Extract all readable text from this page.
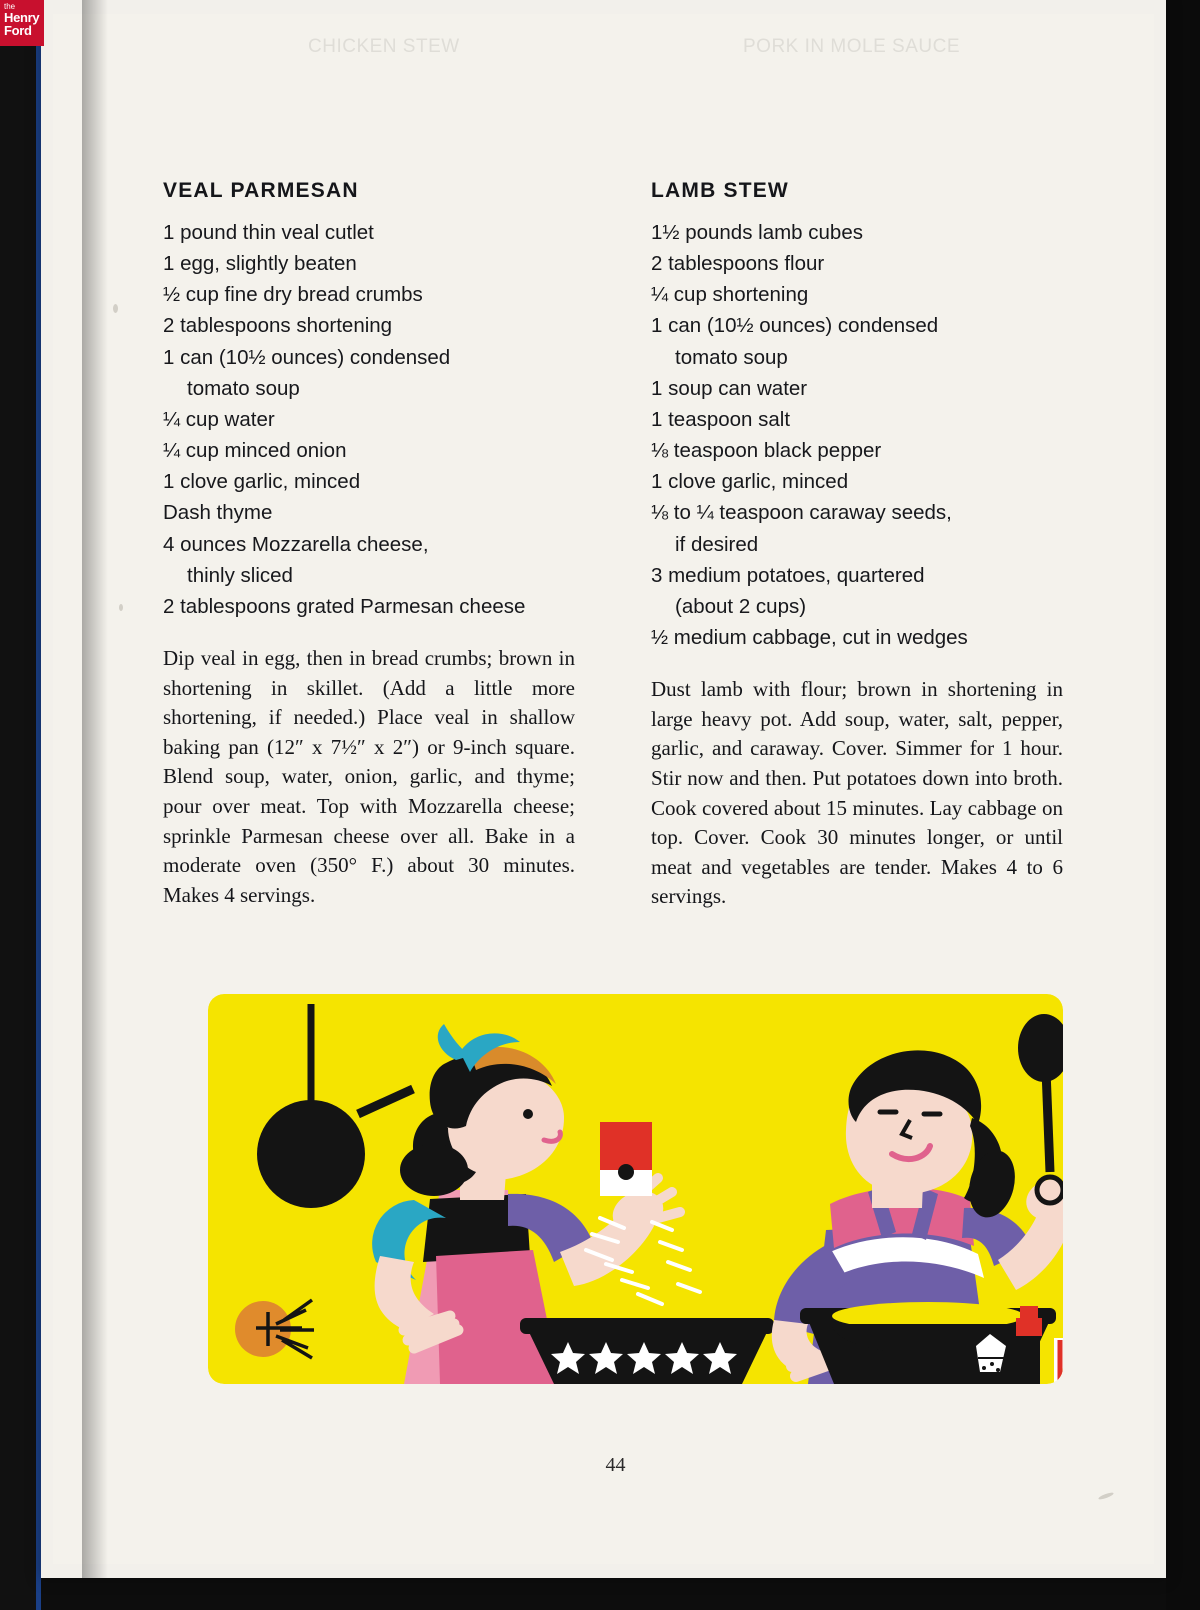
CHICKEN STEW	PORK IN MOLE SAUCE
VEAL PARMESAN
1 pound thin veal cutlet
1 egg, slightly beaten
½ cup fine dry bread crumbs
2 tablespoons shortening
1 can (10½ ounces) condensed
tomato soup
¼ cup water
¼ cup minced onion
1 clove garlic, minced
Dash thyme
4 ounces Mozzarella cheese,
thinly sliced
2 tablespoons grated Parmesan cheese

Dip veal in egg, then in bread crumbs; brown in shortening in skillet. (Add a little more shortening, if needed.) Place veal in shallow baking pan (12″ x 7½″ x 2″) or 9-inch square. Blend soup, water, onion, garlic, and thyme; pour over meat. Top with Mozzarella cheese; sprinkle Parmesan cheese over all. Bake in a moderate oven (350° F.) about 30 minutes. Makes 4 servings.

LAMB STEW
1½ pounds lamb cubes
2 tablespoons flour
¼ cup shortening
1 can (10½ ounces) condensed
tomato soup
1 soup can water
1 teaspoon salt
⅛ teaspoon black pepper
1 clove garlic, minced
⅛ to ¼ teaspoon caraway seeds,
if desired
3 medium potatoes, quartered
(about 2 cups)
½ medium cabbage, cut in wedges

Dust lamb with flour; brown in shortening in large heavy pot. Add soup, water, salt, pepper, garlic, and caraway. Cover. Simmer for 1 hour. Stir now and then. Put potatoes down into broth. Cook covered about 15 minutes. Lay cabbage on top. Cover. Cook 30 minutes longer, or until meat and vegetables are tender. Makes 4 to 6 servings.

44
the
Henry
Ford
